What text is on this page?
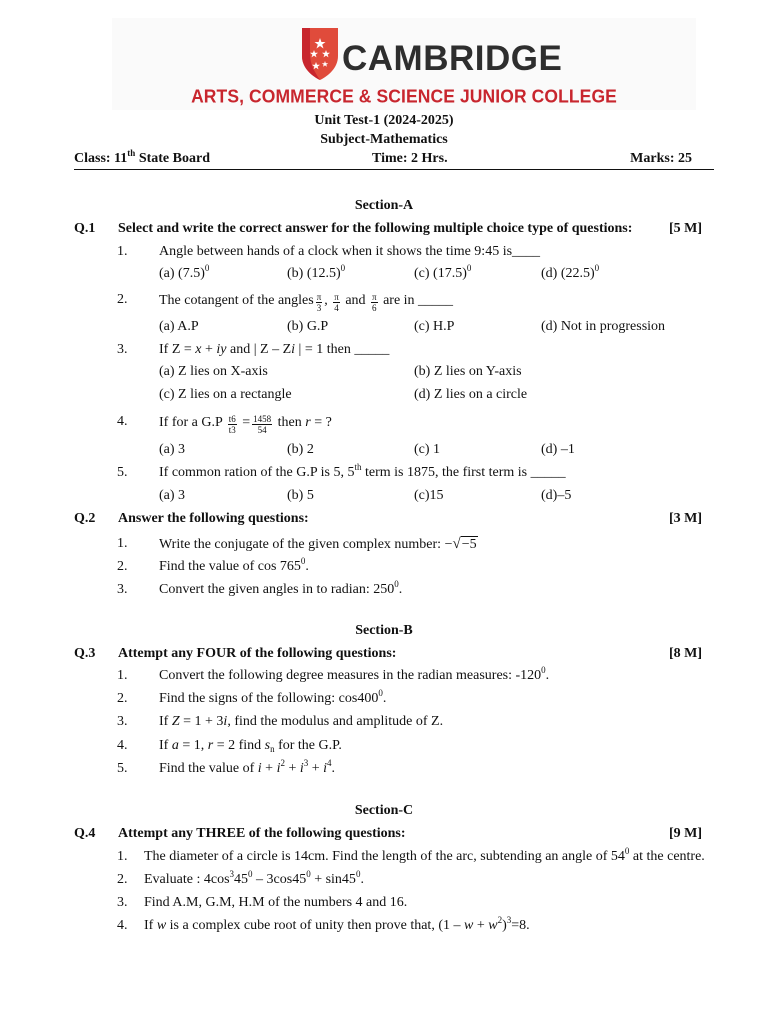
CAMBRIDGE
ARTS, COMMERCE & SCIENCE JUNIOR COLLEGE
Unit Test-1 (2024-2025)
Subject-Mathematics
Class: 11th State Board	Time: 2 Hrs.	Marks: 25
Section-A
Q.1 Select and write the correct answer for the following multiple choice type of questions:	[5 M]
1. Angle between hands of a clock when it shows the time 9:45 is____
(a) $(7.5)^0$	(b) $(12.5)^0$	(c) $(17.5)^0$	(d) $(22.5)^0$
2. The cotangent of the angles $\frac{\pi}{3}$ , $\frac{\pi}{4}$ and $\frac{\pi}{6}$ are in _____
(a) A.P	(b) G.P	(c) H.P	(d) Not in progression
3. If Z = x + iy and | Z – Zi | = 1 then _____
(a) Z lies on X-axis	(b) Z lies on Y-axis
(c) Z lies on a rectangle	(d) Z lies on a circle
4. If for a $G.P \frac{t6}{t3} = \frac{1458}{54}$ then r = ?
(a) 3	(b) 2	(c) 1	(d) –1
5. If common ration of the G.P is 5, 5th term is 1875, the first term is _____
(a) 3	(b) 5	(c)15	(d)–5
Q.2 Answer the following questions:	[3 M]
1. Write the conjugate of the given complex number: −√−5
2. Find the value of $\cos 765^0$.
3. Convert the given angles in to radian: $250^0$.
Section-B
Q.3 Attempt any FOUR of the following questions:	[8 M]
1. Convert the following degree measures in the radian measures: $-120^0$.
2. Find the signs of the following: $\cos 400^0$.
3. If Z = 1 + 3i, find the modulus and amplitude of Z.
4. If a = 1, r = 2 find $s_n$ for the G.P.
5. Find the value of $i + i^2 + i^3 + i^4$.
Section-C
Q.4 Attempt any THREE of the following questions:	[9 M]
1. The diameter of a circle is 14cm. Find the length of the arc, subtending an angle of $54^0$ at the centre.
2. Evaluate : $4\cos^345^0 - 3\cos 45^0 + \sin 45^0$.
3. Find A.M, G.M, H.M of the numbers 4 and 16.
4. If w is a complex cube root of unity then prove that, $(1 - w + w^2)^3=8$.
